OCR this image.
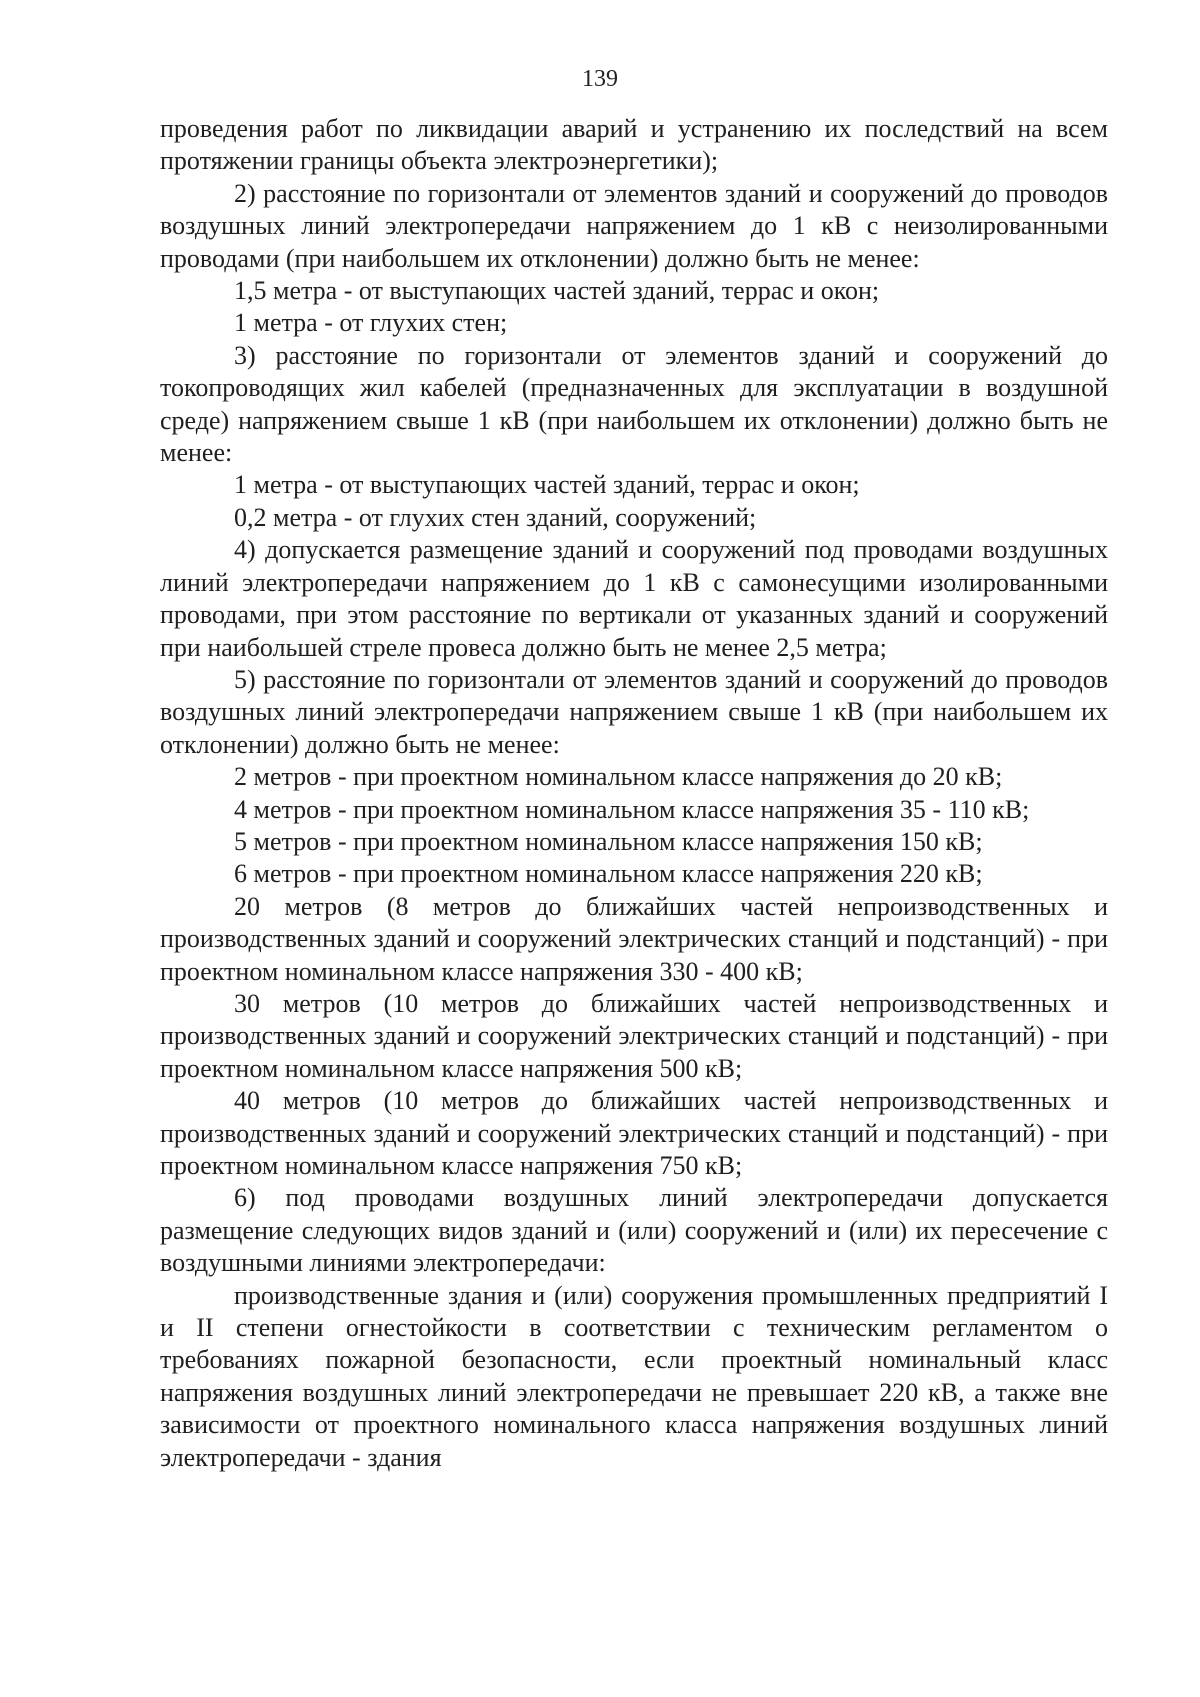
139

проведения работ по ликвидации аварий и устранению их последствий на всем протяжении границы объекта электроэнергетики);

2) расстояние по горизонтали от элементов зданий и сооружений до проводов воздушных линий электропередачи напряжением до 1 кВ с неизолированными проводами (при наибольшем их отклонении) должно быть не менее:

1,5 метра - от выступающих частей зданий, террас и окон;

1 метра - от глухих стен;

3) расстояние по горизонтали от элементов зданий и сооружений до токопроводящих жил кабелей (предназначенных для эксплуатации в воздушной среде) напряжением свыше 1 кВ (при наибольшем их отклонении) должно быть не менее:

1 метра - от выступающих частей зданий, террас и окон;

0,2 метра - от глухих стен зданий, сооружений;

4) допускается размещение зданий и сооружений под проводами воздушных линий электропередачи напряжением до 1 кВ с самонесущими изолированными проводами, при этом расстояние по вертикали от указанных зданий и сооружений при наибольшей стреле провеса должно быть не менее 2,5 метра;

5) расстояние по горизонтали от элементов зданий и сооружений до проводов воздушных линий электропередачи напряжением свыше 1 кВ (при наибольшем их отклонении) должно быть не менее:

2 метров - при проектном номинальном классе напряжения до 20 кВ;

4 метров - при проектном номинальном классе напряжения 35 - 110 кВ;

5 метров - при проектном номинальном классе напряжения 150 кВ;

6 метров - при проектном номинальном классе напряжения 220 кВ;

20 метров (8 метров до ближайших частей непроизводственных и производственных зданий и сооружений электрических станций и подстанций) - при проектном номинальном классе напряжения 330 - 400 кВ;

30 метров (10 метров до ближайших частей непроизводственных и производственных зданий и сооружений электрических станций и подстанций) - при проектном номинальном классе напряжения 500 кВ;

40 метров (10 метров до ближайших частей непроизводственных и производственных зданий и сооружений электрических станций и подстанций) - при проектном номинальном классе напряжения 750 кВ;

6) под проводами воздушных линий электропередачи допускается размещение следующих видов зданий и (или) сооружений и (или) их пересечение с воздушными линиями электропередачи:

производственные здания и (или) сооружения промышленных предприятий I и II степени огнестойкости в соответствии с техническим регламентом о требованиях пожарной безопасности, если проектный номинальный класс напряжения воздушных линий электропередачи не превышает 220 кВ, а также вне зависимости от проектного номинального класса напряжения воздушных линий электропередачи - здания
